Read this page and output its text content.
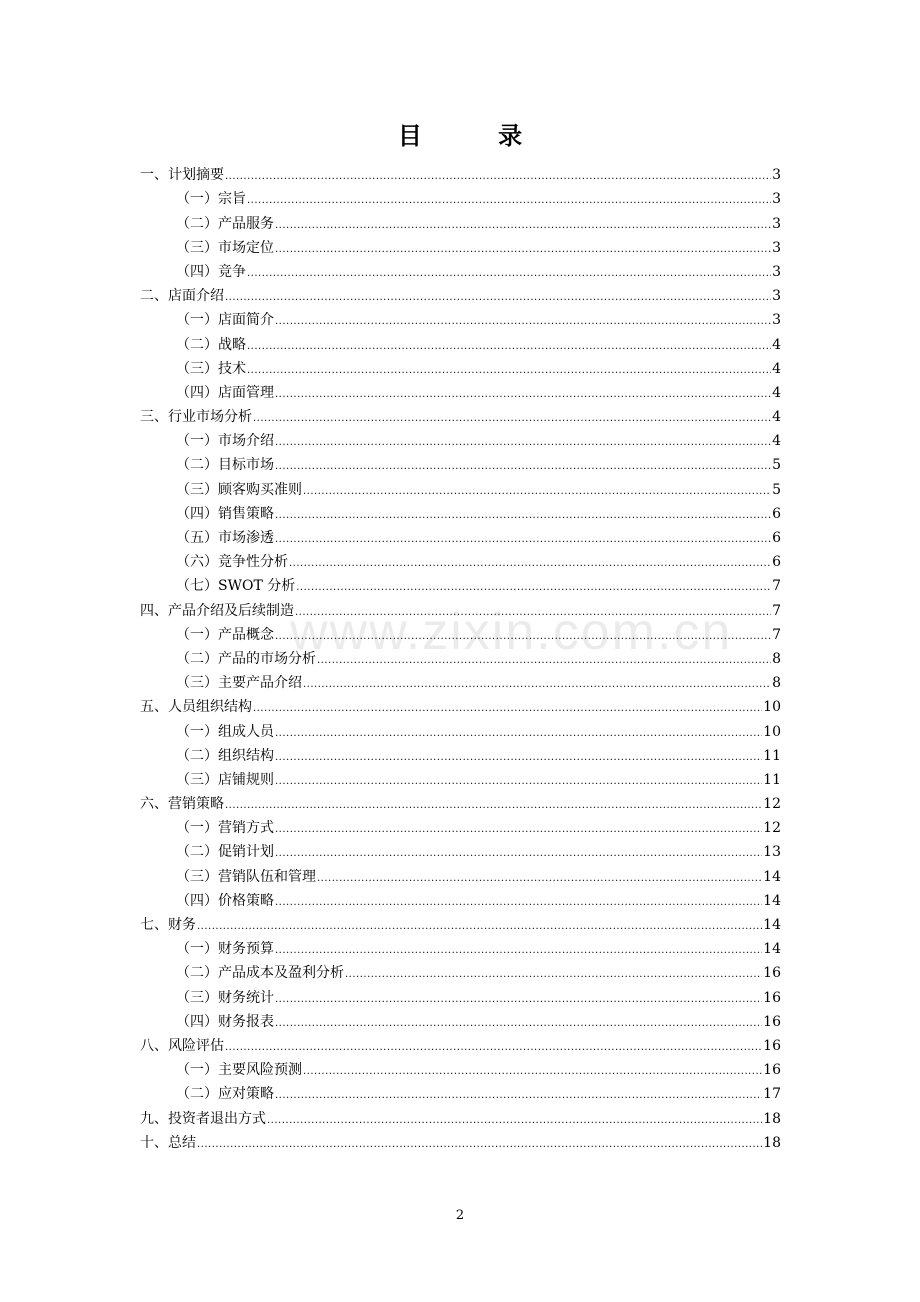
目 录
一、计划摘要 .....	3
（一）宗旨 .....	3
（二）产品服务 .....	3
（三）市场定位 .....	3
（四）竞争 .....	3
二、店面介绍 .....	3
（一）店面简介 .....	3
（二）战略 .....	4
（三）技术 .....	4
（四）店面管理 .....	4
三、行业市场分析 .....	4
（一）市场介绍 .....	4
（二）目标市场 .....	5
（三）顾客购买准则 .....	5
（四）销售策略 .....	6
（五）市场渗透 .....	6
（六）竞争性分析 .....	6
（七）SWOT 分析 .....	7
四、产品介绍及后续制造 .....	7
（一）产品概念 .....	7
（二）产品的市场分析 .....	8
（三）主要产品介绍 .....	8
五、人员组织结构 .....	10
（一）组成人员 .....	10
（二）组织结构 .....	11
（三）店铺规则 .....	11
六、营销策略 .....	12
（一）营销方式 .....	12
（二）促销计划 .....	13
（三）营销队伍和管理 .....	14
（四）价格策略 .....	14
七、财务 .....	14
（一）财务预算 .....	14
（二）产品成本及盈利分析 .....	16
（三）财务统计 .....	16
（四）财务报表 .....	16
八、风险评估 .....	16
（一）主要风险预测 .....	16
（二）应对策略 .....	17
九、投资者退出方式 .....	18
十、总结 .....	18
www.zixin.com.cn
2
